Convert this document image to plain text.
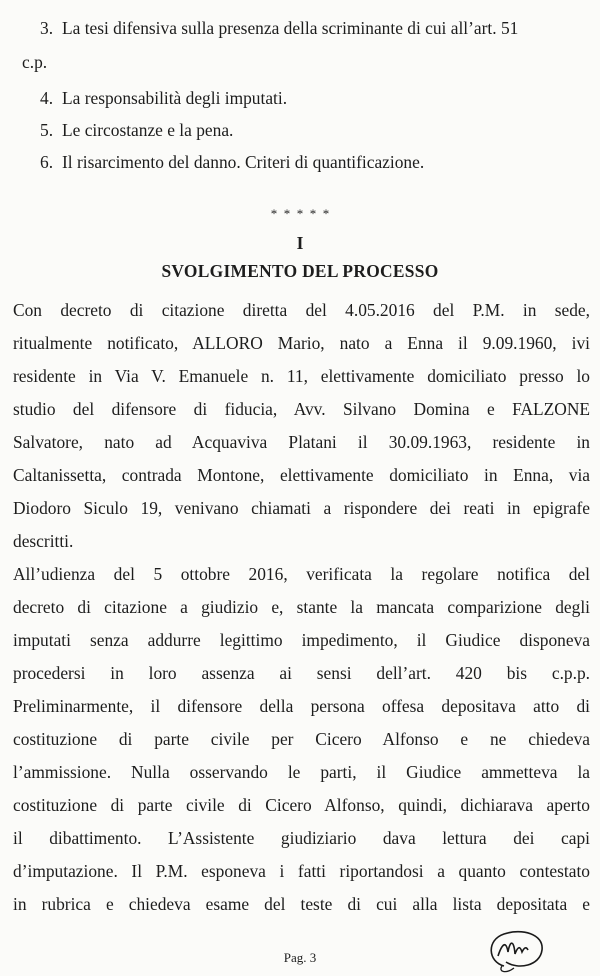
3. La tesi difensiva sulla presenza della scriminante di cui all’art. 51
c.p.
4. La responsabilità degli imputati.
5. Le circostanze e la pena.
6. Il risarcimento del danno. Criteri di quantificazione.
*  *  *  *  *
I
SVOLGIMENTO DEL PROCESSO
Con decreto di citazione diretta del 4.05.2016 del P.M. in sede,
ritualmente notificato, ALLORO Mario, nato a Enna il 9.09.1960, ivi
residente in Via V. Emanuele n. 11, elettivamente domiciliato presso lo
studio del difensore di fiducia, Avv. Silvano Domina e FALZONE
Salvatore, nato ad Acquaviva Platani il 30.09.1963, residente in
Caltanissetta, contrada Montone, elettivamente domiciliato in Enna, via
Diodoro Siculo 19, venivano chiamati a rispondere dei reati in epigrafe
descritti.
All’udienza del 5 ottobre 2016, verificata la regolare notifica del
decreto di citazione a giudizio e, stante la mancata comparizione degli
imputati senza addurre legittimo impedimento, il Giudice disponeva
procedersi in loro assenza ai sensi dell’art. 420 bis c.p.p.
Preliminarmente, il difensore della persona offesa depositava atto di
costituzione di parte civile per Cicero Alfonso e ne chiedeva
l’ammissione. Nulla osservando le parti, il Giudice ammetteva la
costituzione di parte civile di Cicero Alfonso, quindi, dichiarava aperto
il dibattimento. L’Assistente giudiziario dava lettura dei capi
d’imputazione. Il P.M. esponeva i fatti riportandosi a quanto contestato
in rubrica e chiedeva esame del teste di cui alla lista depositata e
Pag. 3
